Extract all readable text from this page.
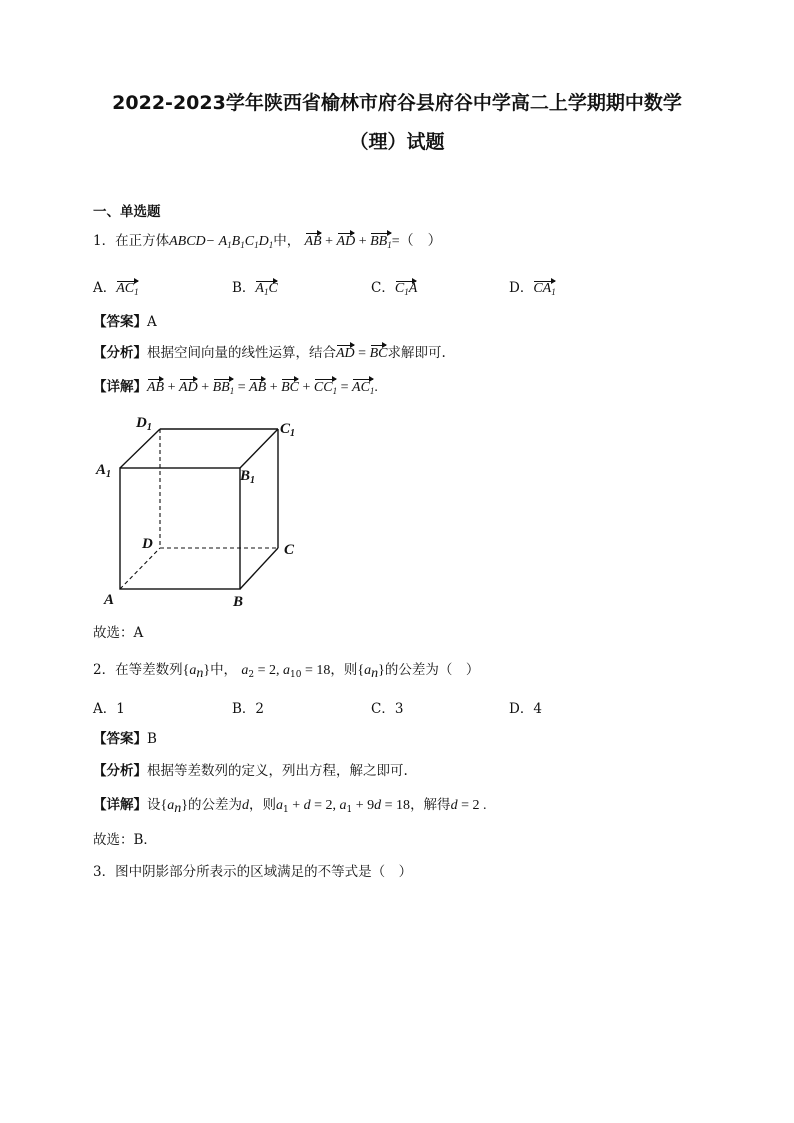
2022-2023学年陕西省榆林市府谷县府谷中学高二上学期期中数学
（理）试题
一、单选题
1．在正方体ABCD− $A_1B_1C_1D_1$中， AB + AD + $BB_1=$（　）
A．$AC_1$	B．$A_1C$	C．$C_1A$	D．$CA_1$
【答案】A
【分析】根据空间向量的线性运算，结合AD = BC求解即可.
【详解】AB + AD + $BB_1$ = AB + BC + $CC_1 = AC_1$.
$D_1$	$C_1$
$A_1$	$B_1$
D	C
A	B
故选：A
2．在等差数列$\{a_n\}$中， $a_2 = 2$, $a_{10} = 18$，则$\{a_n\}$的公差为（　）
A．1	B．2	C．3	D．4
【答案】B
【分析】根据等差数列的定义，列出方程，解之即可.
【详解】设$\{a_n\}$的公差为d，则$a_1 + d = 2$, $a_1 + 9d = 18$，解得d = 2 .
故选：B．
3．图中阴影部分所表示的区域满足的不等式是（　）
